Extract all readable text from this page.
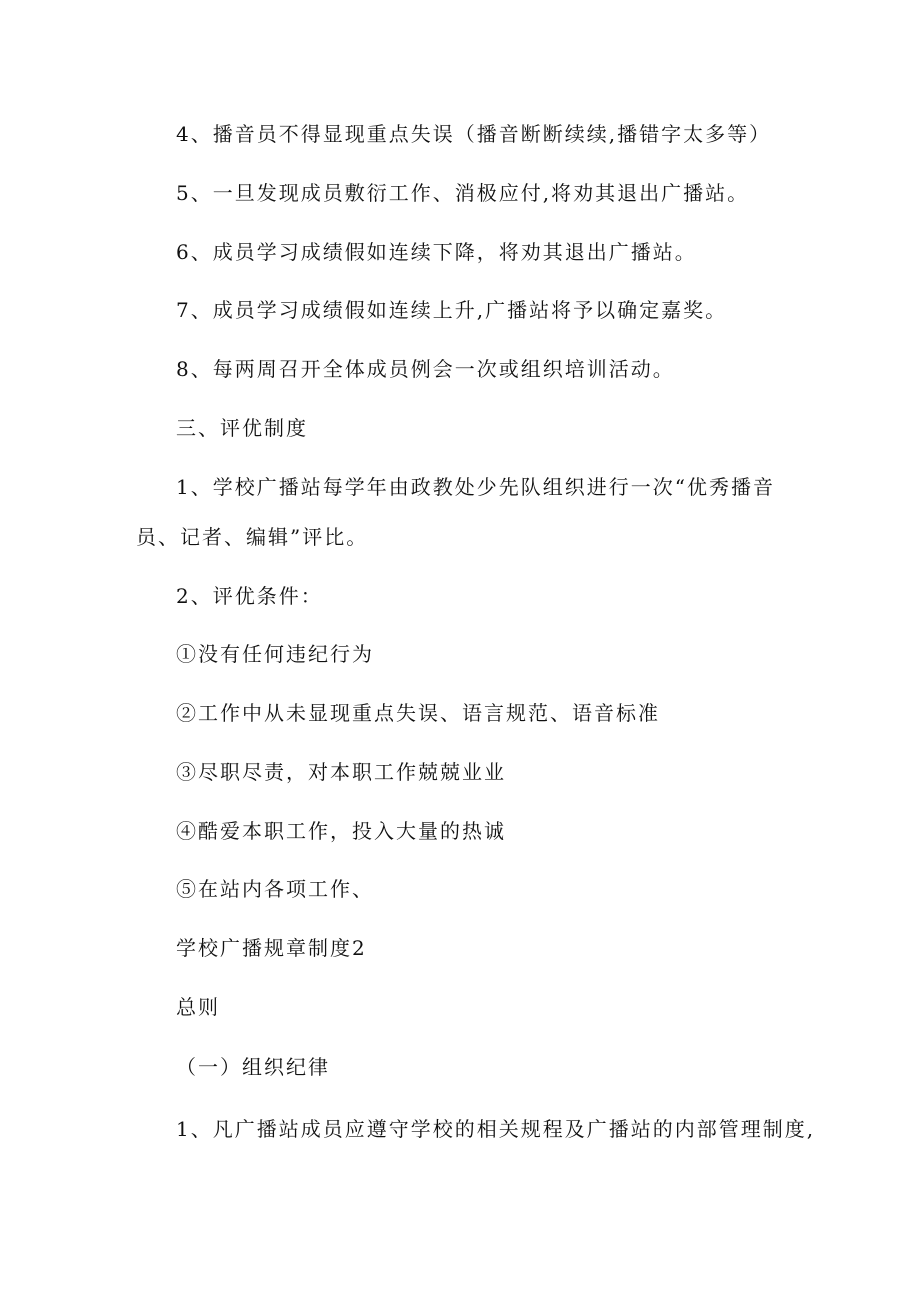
4、播音员不得显现重点失误（播音断断续续,播错字太多等）
5、一旦发现成员敷衍工作、消极应付,将劝其退出广播站。
6、成员学习成绩假如连续下降，将劝其退出广播站。
7、成员学习成绩假如连续上升,广播站将予以确定嘉奖。
8、每两周召开全体成员例会一次或组织培训活动。
三、评优制度
1、学校广播站每学年由政教处少先队组织进行一次“优秀播音
员、记者、编辑”评比。
2、评优条件：
①没有任何违纪行为
②工作中从未显现重点失误、语言规范、语音标准
③尽职尽责，对本职工作兢兢业业
④酷爱本职工作，投入大量的热诚
⑤在站内各项工作、
学校广播规章制度2
总则
（一）组织纪律
1、凡广播站成员应遵守学校的相关规程及广播站的内部管理制度,
